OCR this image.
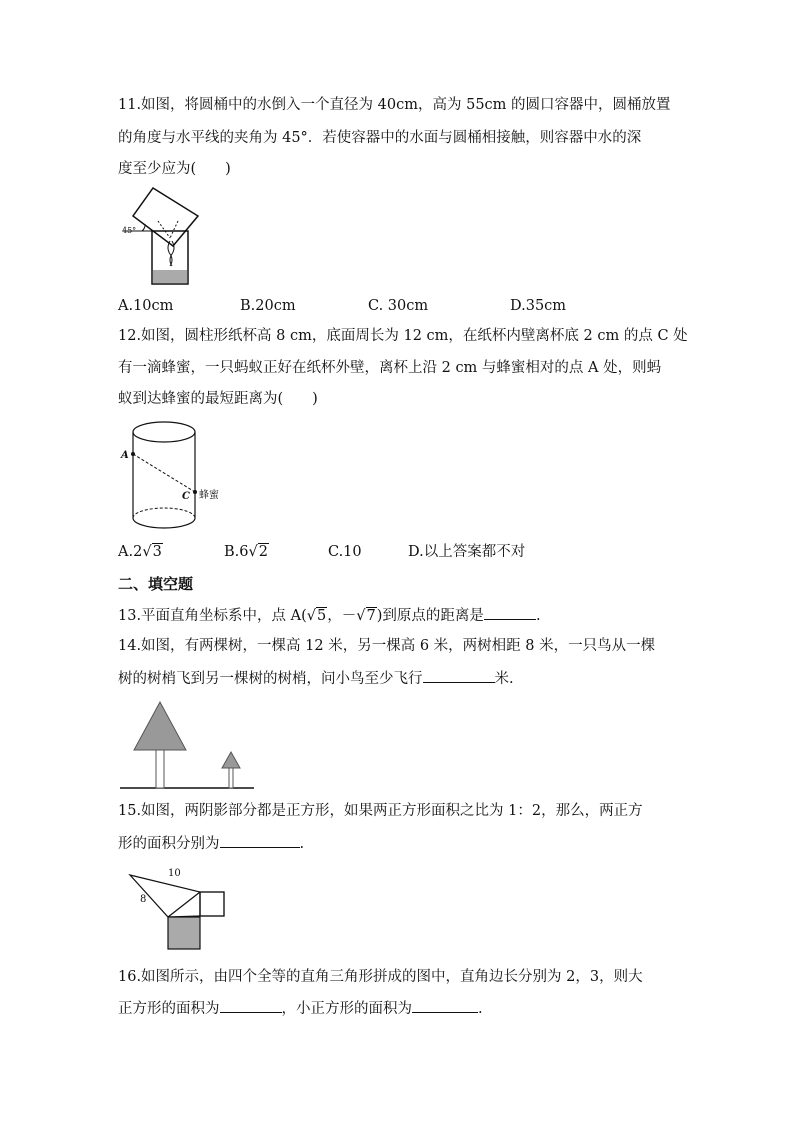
11.如图，将圆桶中的水倒入一个直径为 40cm，高为 55cm 的圆口容器中，圆桶放置
的角度与水平线的夹角为 45°．若使容器中的水面与圆桶相接触，则容器中水的深
度至少应为(　　)
45°
A.10cm	B.20cm	C. 30cm	D.35cm
12.如图，圆柱形纸杯高 8 cm，底面周长为 12 cm，在纸杯内壁离杯底 2 cm 的点 C 处
有一滴蜂蜜，一只蚂蚁正好在纸杯外壁，离杯上沿 2 cm 与蜂蜜相对的点 A 处，则蚂
蚁到达蜂蜜的最短距离为(　　)
A
C 蜂蜜
A.2√3	B.6√2	C.10	D.以上答案都不对
二、填空题
13.平面直角坐标系中，点 A(√5，－√7)到原点的距离是	.
14.如图，有两棵树，一棵高 12 米，另一棵高 6 米，两树相距 8 米，一只鸟从一棵
树的树梢飞到另一棵树的树梢，问小鸟至少飞行	米.
15.如图，两阴影部分都是正方形，如果两正方形面积之比为 1：2，那么，两正方
形的面积分别为	.
10
8
16.如图所示，由四个全等的直角三角形拼成的图中，直角边长分别为 2，3，则大
正方形的面积为	，小正方形的面积为	.
